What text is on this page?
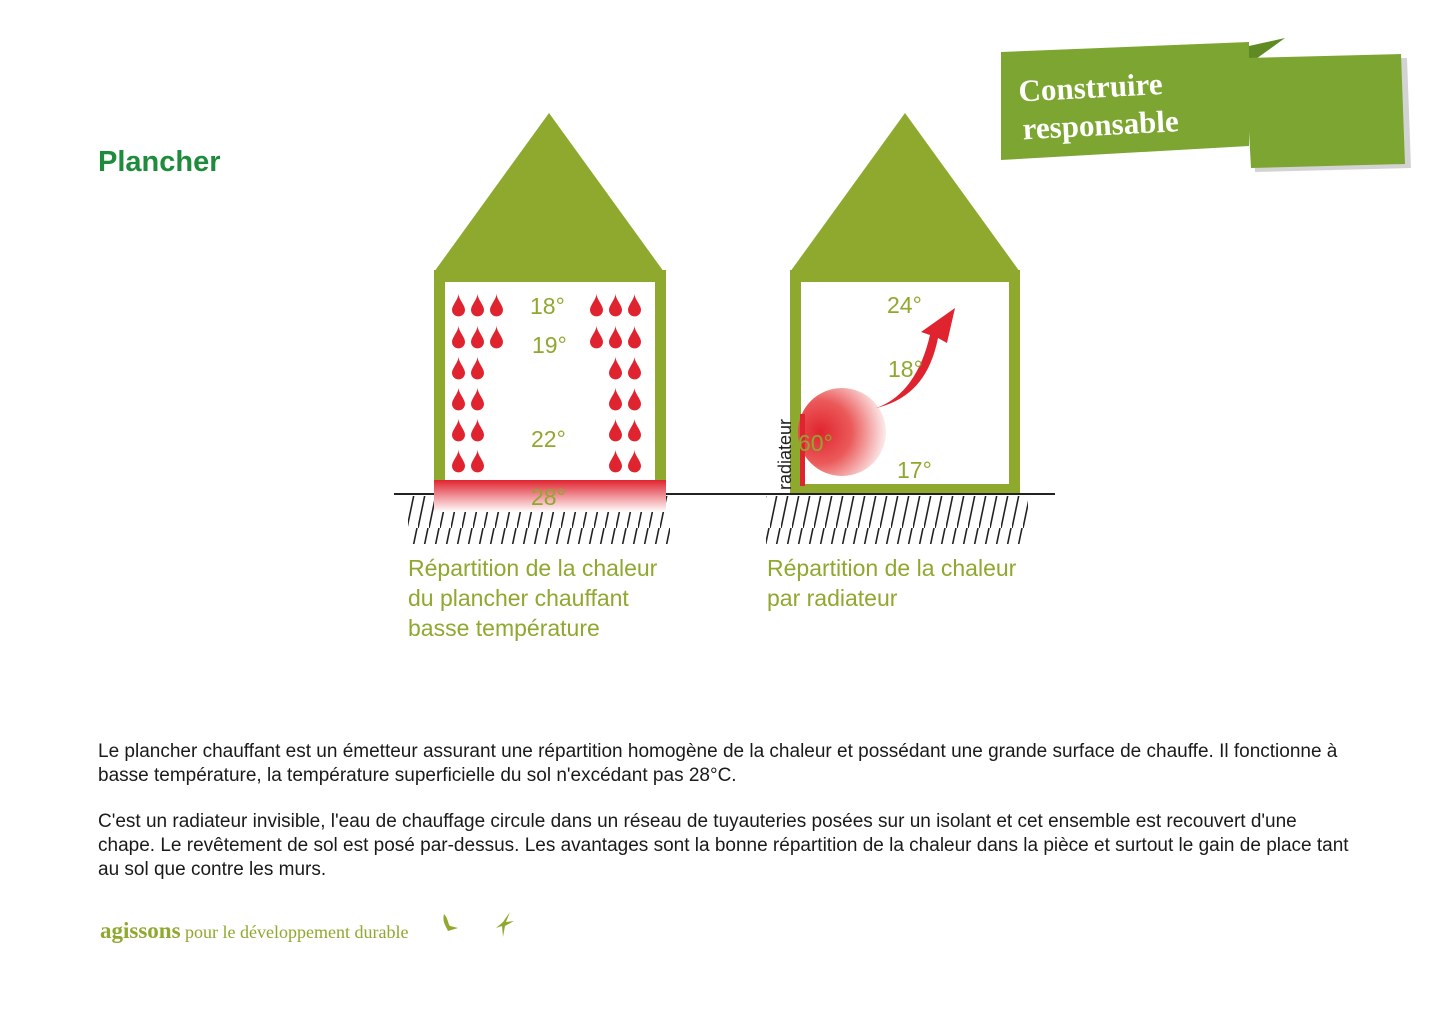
Plancher
18°
19°
22°
28°
radiateur
24°
18°
60°
17°

Répartition de la chaleur

du plancher chauffant

basse température

Répartition de la chaleur

par radiateur

Construire
responsable

Le plancher chauffant est un émetteur assurant une répartition homogène de la chaleur et possédant une grande surface de chauffe. Il fonctionne à basse température, la température superficielle du sol n'excédant pas 28°C.

C'est un radiateur invisible, l'eau de chauffage circule dans un réseau de tuyauteries posées sur un isolant et cet ensemble est recouvert d'une chape. Le revêtement de sol est posé par-dessus. Les avantages sont la bonne répartition de la chaleur dans la pièce et surtout le gain de place tant au sol que contre les murs.

agissons pour le développement durable
